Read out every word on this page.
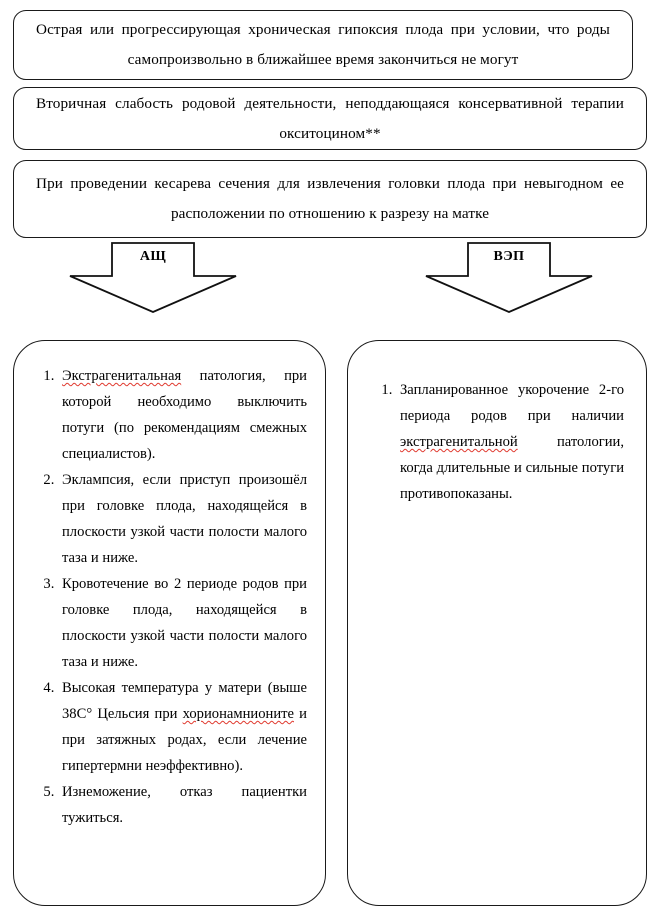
Острая или прогрессирующая хроническая гипоксия плода при условии, что роды самопроизвольно в ближайшее время закончиться не могут

Вторичная слабость родовой деятельности, неподдающаяся консервативной терапии окситоцином**

При проведении кесарева сечения для извлечения головки плода при невыгодном ее расположении по отношению к разрезу на матке

АЩ	ВЭП
1. Экстрагенитальная патология, при которой необходимо выключить потуги (по рекомендациям смежных специалистов).
2. Эклампсия, если приступ произошёл при головке плода, находящейся в плоскости узкой части полости малого таза и ниже.
3. Кровотечение во 2 периоде родов при головке плода, находящейся в плоскости узкой части полости малого таза и ниже.
4. Высокая температура у матери (выше 38С° Цельсия при хорионамнионите и при затяжных родах, если лечение гипертермни неэффективно).
5. Изнеможение, отказ пациентки тужиться.
1. Запланированное укорочение 2-го периода родов при наличии экстрагенитальной патологии, когда длительные и сильные потуги противопоказаны.
